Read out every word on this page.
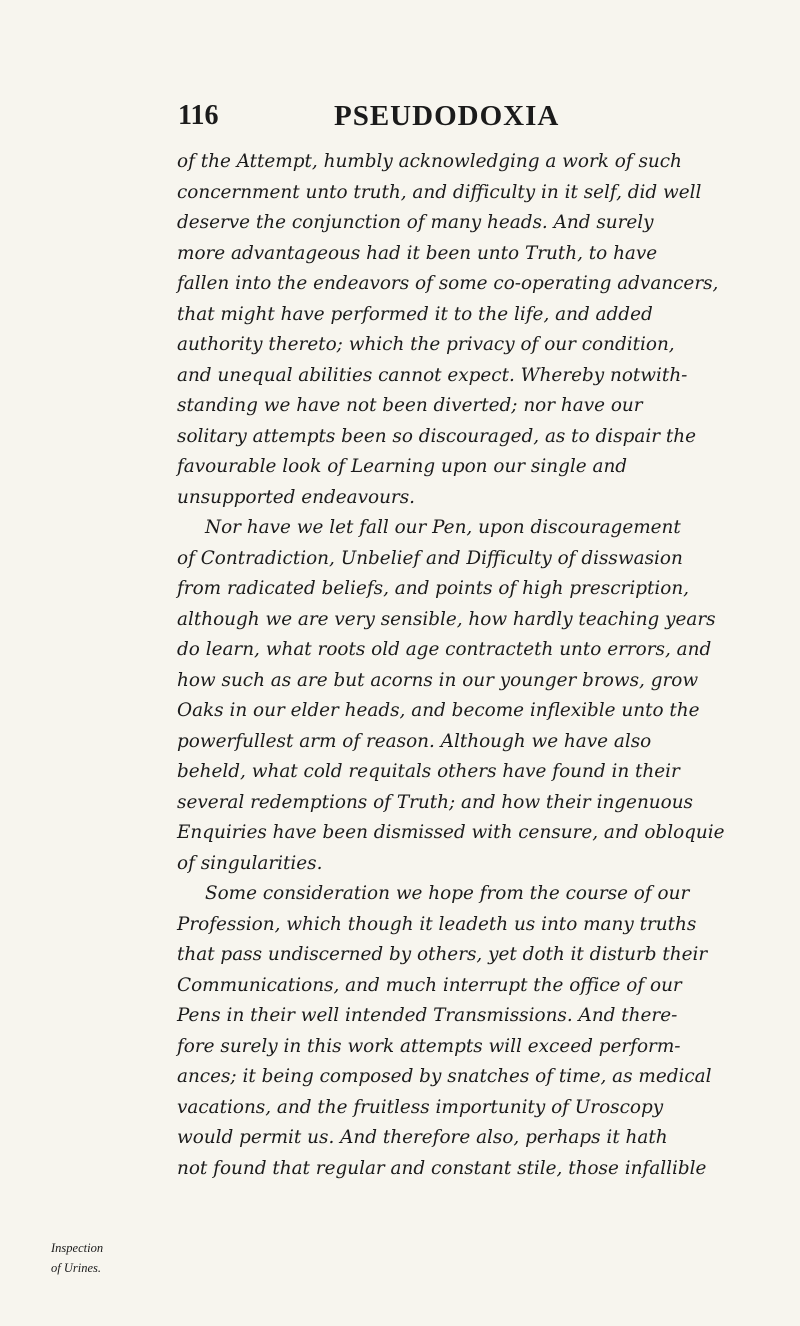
116	PSEUDODOXIA
of the Attempt, humbly acknowledging a work of such
concernment unto truth, and difficulty in it self, did well
deserve the conjunction of many heads. And surely
more advantageous had it been unto Truth, to have
fallen into the endeavors of some co-operating advancers,
that might have performed it to the life, and added
authority thereto; which the privacy of our condition,
and unequal abilities cannot expect. Whereby notwith-
standing we have not been diverted; nor have our
solitary attempts been so discouraged, as to dispair the
favourable look of Learning upon our single and
unsupported endeavours.
Nor have we let fall our Pen, upon discouragement
of Contradiction, Unbelief and Difficulty of disswasion
from radicated beliefs, and points of high prescription,
although we are very sensible, how hardly teaching years
do learn, what roots old age contracteth unto errors, and
how such as are but acorns in our younger brows, grow
Oaks in our elder heads, and become inflexible unto the
powerfullest arm of reason. Although we have also
beheld, what cold requitals others have found in their
several redemptions of Truth; and how their ingenuous
Enquiries have been dismissed with censure, and obloquie
of singularities.
Some consideration we hope from the course of our
Profession, which though it leadeth us into many truths
that pass undiscerned by others, yet doth it disturb their
Communications, and much interrupt the office of our
Pens in their well intended Transmissions. And there-
fore surely in this work attempts will exceed perform-
ances; it being composed by snatches of time, as medical
vacations, and the fruitless importunity of Uroscopy
would permit us. And therefore also, perhaps it hath
not found that regular and constant stile, those infallible
Inspection
of Urines.
